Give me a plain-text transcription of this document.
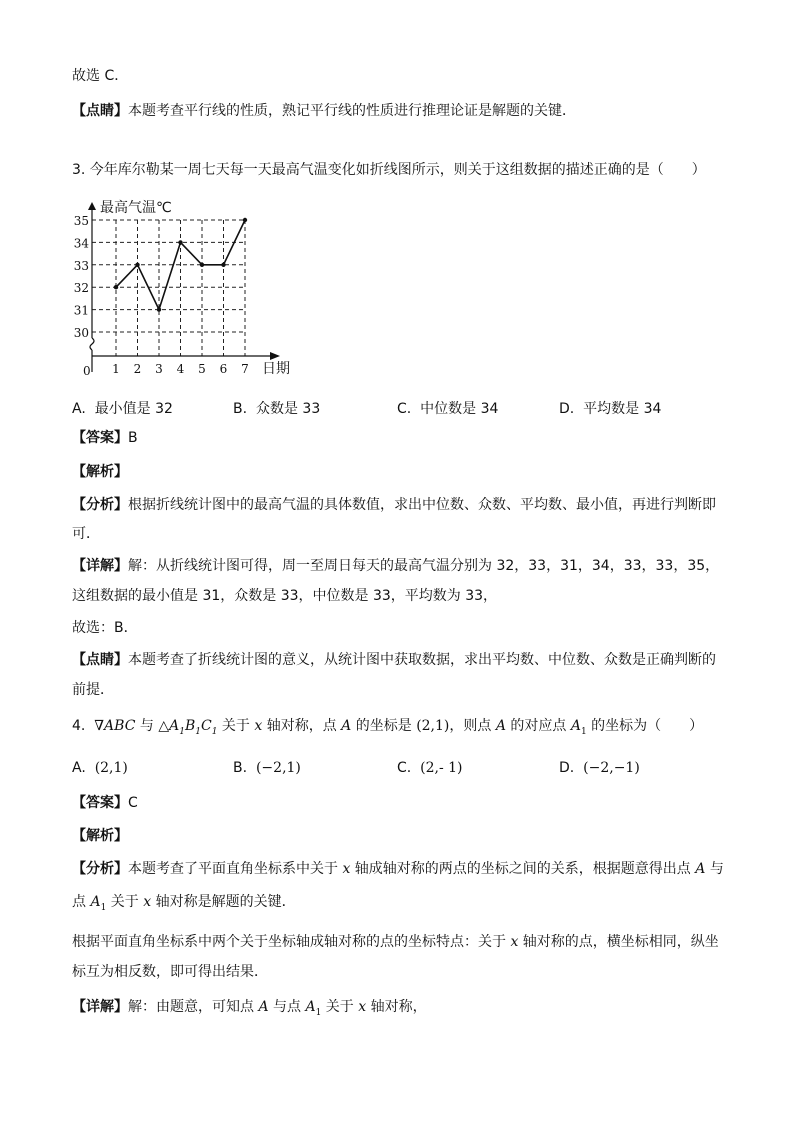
故选 C．
【点睛】本题考查平行线的性质，熟记平行线的性质进行推理论证是解题的关键．
3. 今年库尔勒某一周七天每一天最高气温变化如折线图所示，则关于这组数据的描述正确的是（　　）
最高气温℃
30
31
32
33
34
35
1 2 3 4 5 6 7 日期
0
A. 最小值是 32	B. 众数是 33	C. 中位数是 34	D. 平均数是 34
【答案】B
【解析】
【分析】根据折线统计图中的最高气温的具体数值，求出中位数、众数、平均数、最小值，再进行判断即
可．
【详解】解：从折线统计图可得，周一至周日每天的最高气温分别为 32，33，31，34，33，33，35，
这组数据的最小值是 31，众数是 33，中位数是 33，平均数为 33，
故选：B．
【点睛】本题考查了折线统计图的意义，从统计图中获取数据，求出平均数、中位数、众数是正确判断的
前提．
4. ∇ABC 与 $\triangle A_1B_1C_1$ 关于 x 轴对称，点 A 的坐标是 (2,1)，则点 A 的对应点 $A_1$ 的坐标为（　　）
A. (2,1)	B. (−2,1)	C. (2,- 1)	D. (−2,−1)
【答案】C
【解析】
【分析】本题考查了平面直角坐标系中关于 x 轴成轴对称的两点的坐标之间的关系，根据题意得出点 A 与
点 $A_1$ 关于 x 轴对称是解题的关键．
根据平面直角坐标系中两个关于坐标轴成轴对称的点的坐标特点：关于 x 轴对称的点，横坐标相同，纵坐
标互为相反数，即可得出结果．
【详解】解：由题意，可知点 A 与点 $A_1$ 关于 x 轴对称，
